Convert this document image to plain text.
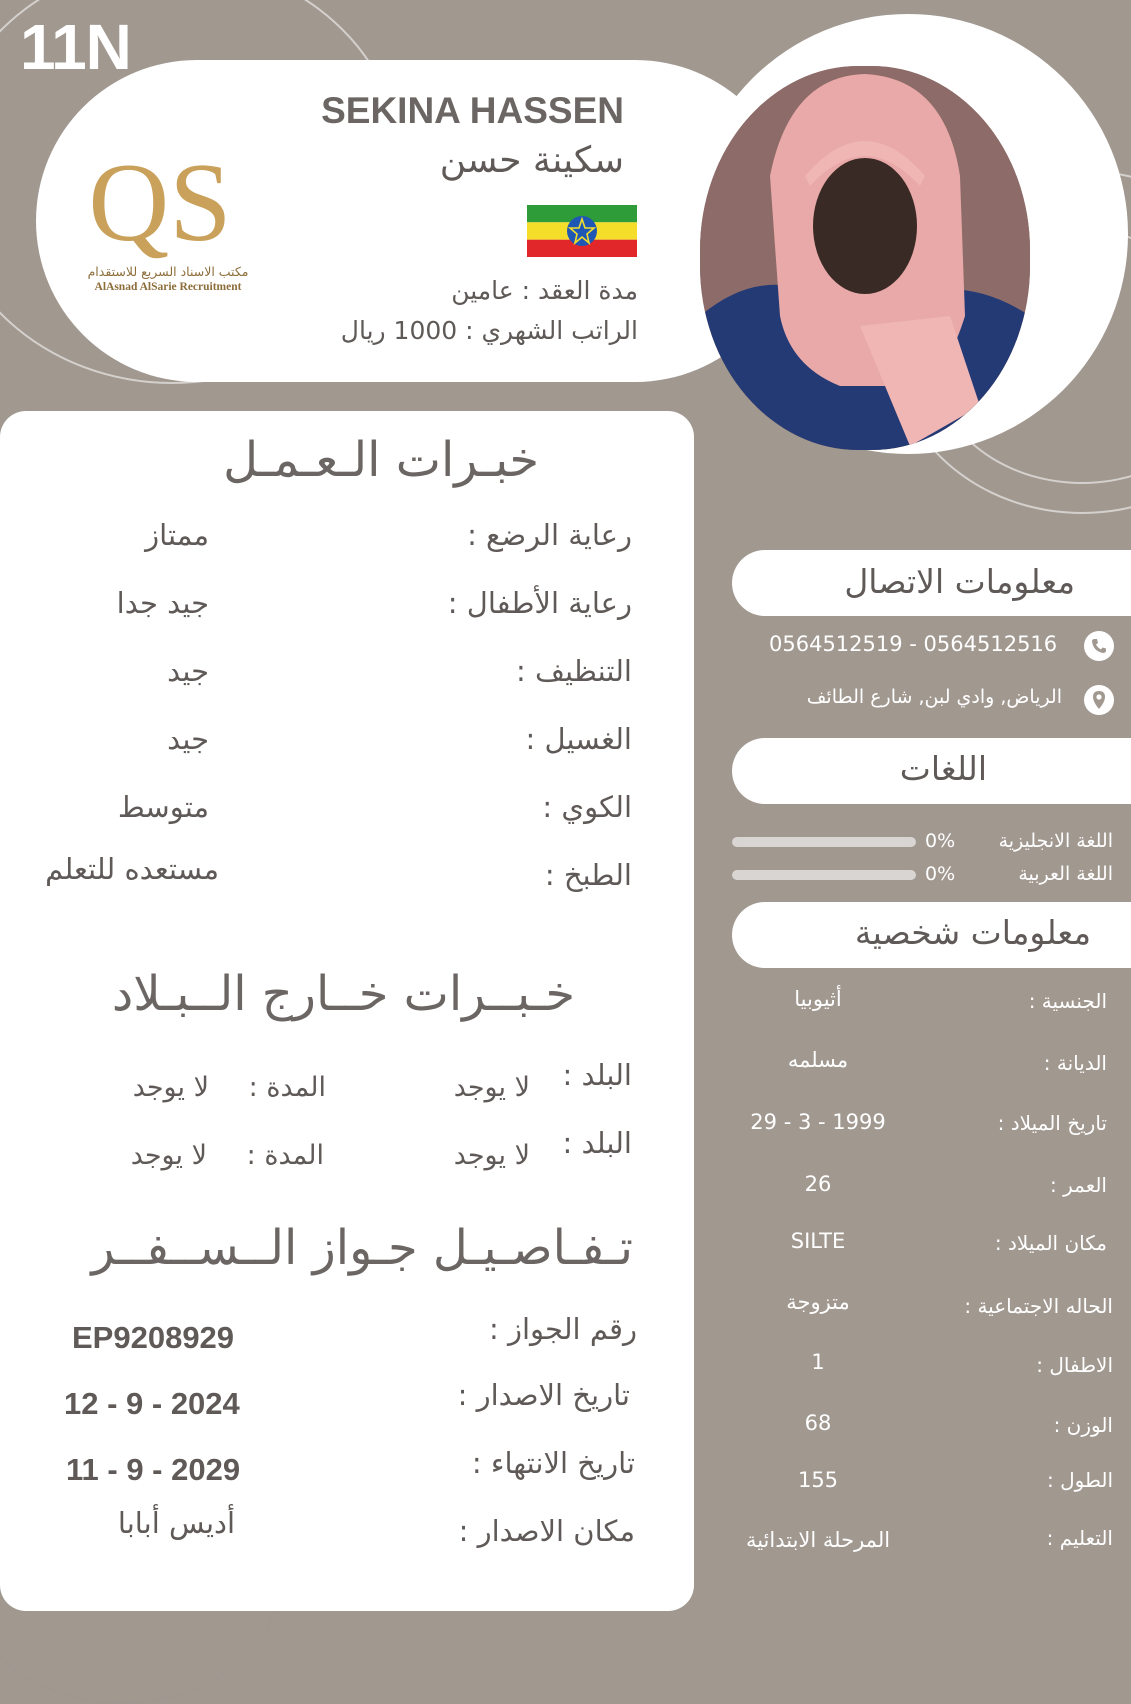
11N
QS
مكتب الاسناد السريع للاستقدام
AlAsnad AlSarie Recruitment
SEKINA HASSEN
سكينة حسن
مدة العقد : عامين
الراتب الشهري : 1000 ريال
خبـرات الـعـمـل
رعاية الرضع :
ممتاز
رعاية الأطفال :
جيد جدا
التنظيف :
جيد
الغسيل :
جيد
الكوي :
متوسط
الطبخ :
مستعده للتعلم
خـبــرات خــارج الــبـلاد
البلد :
لا يوجد
المدة :
لا يوجد
البلد :
لا يوجد
المدة :
لا يوجد
تـفـاصـيـل جـواز الــســفــر
رقم الجواز :
EP9208929
تاريخ الاصدار :
12 - 9 - 2024
تاريخ الانتهاء :
11 - 9 - 2029
مكان الاصدار :
أديس أبابا
معلومات الاتصال
0564512519 - 0564512516
الرياض, وادي لبن, شارع الطائف
اللغات
اللغة الانجليزية
0%
اللغة العربية
0%
معلومات شخصية
الجنسية :
أثيوبيا
الديانة :
مسلمه
تاريخ الميلاد :
29 - 3 - 1999
العمر :
26
مكان الميلاد :
SILTE
الحاله الاجتماعية :
متزوجة
الاطفال :
1
الوزن :
68
الطول :
155
التعليم :
المرحلة الابتدائية
